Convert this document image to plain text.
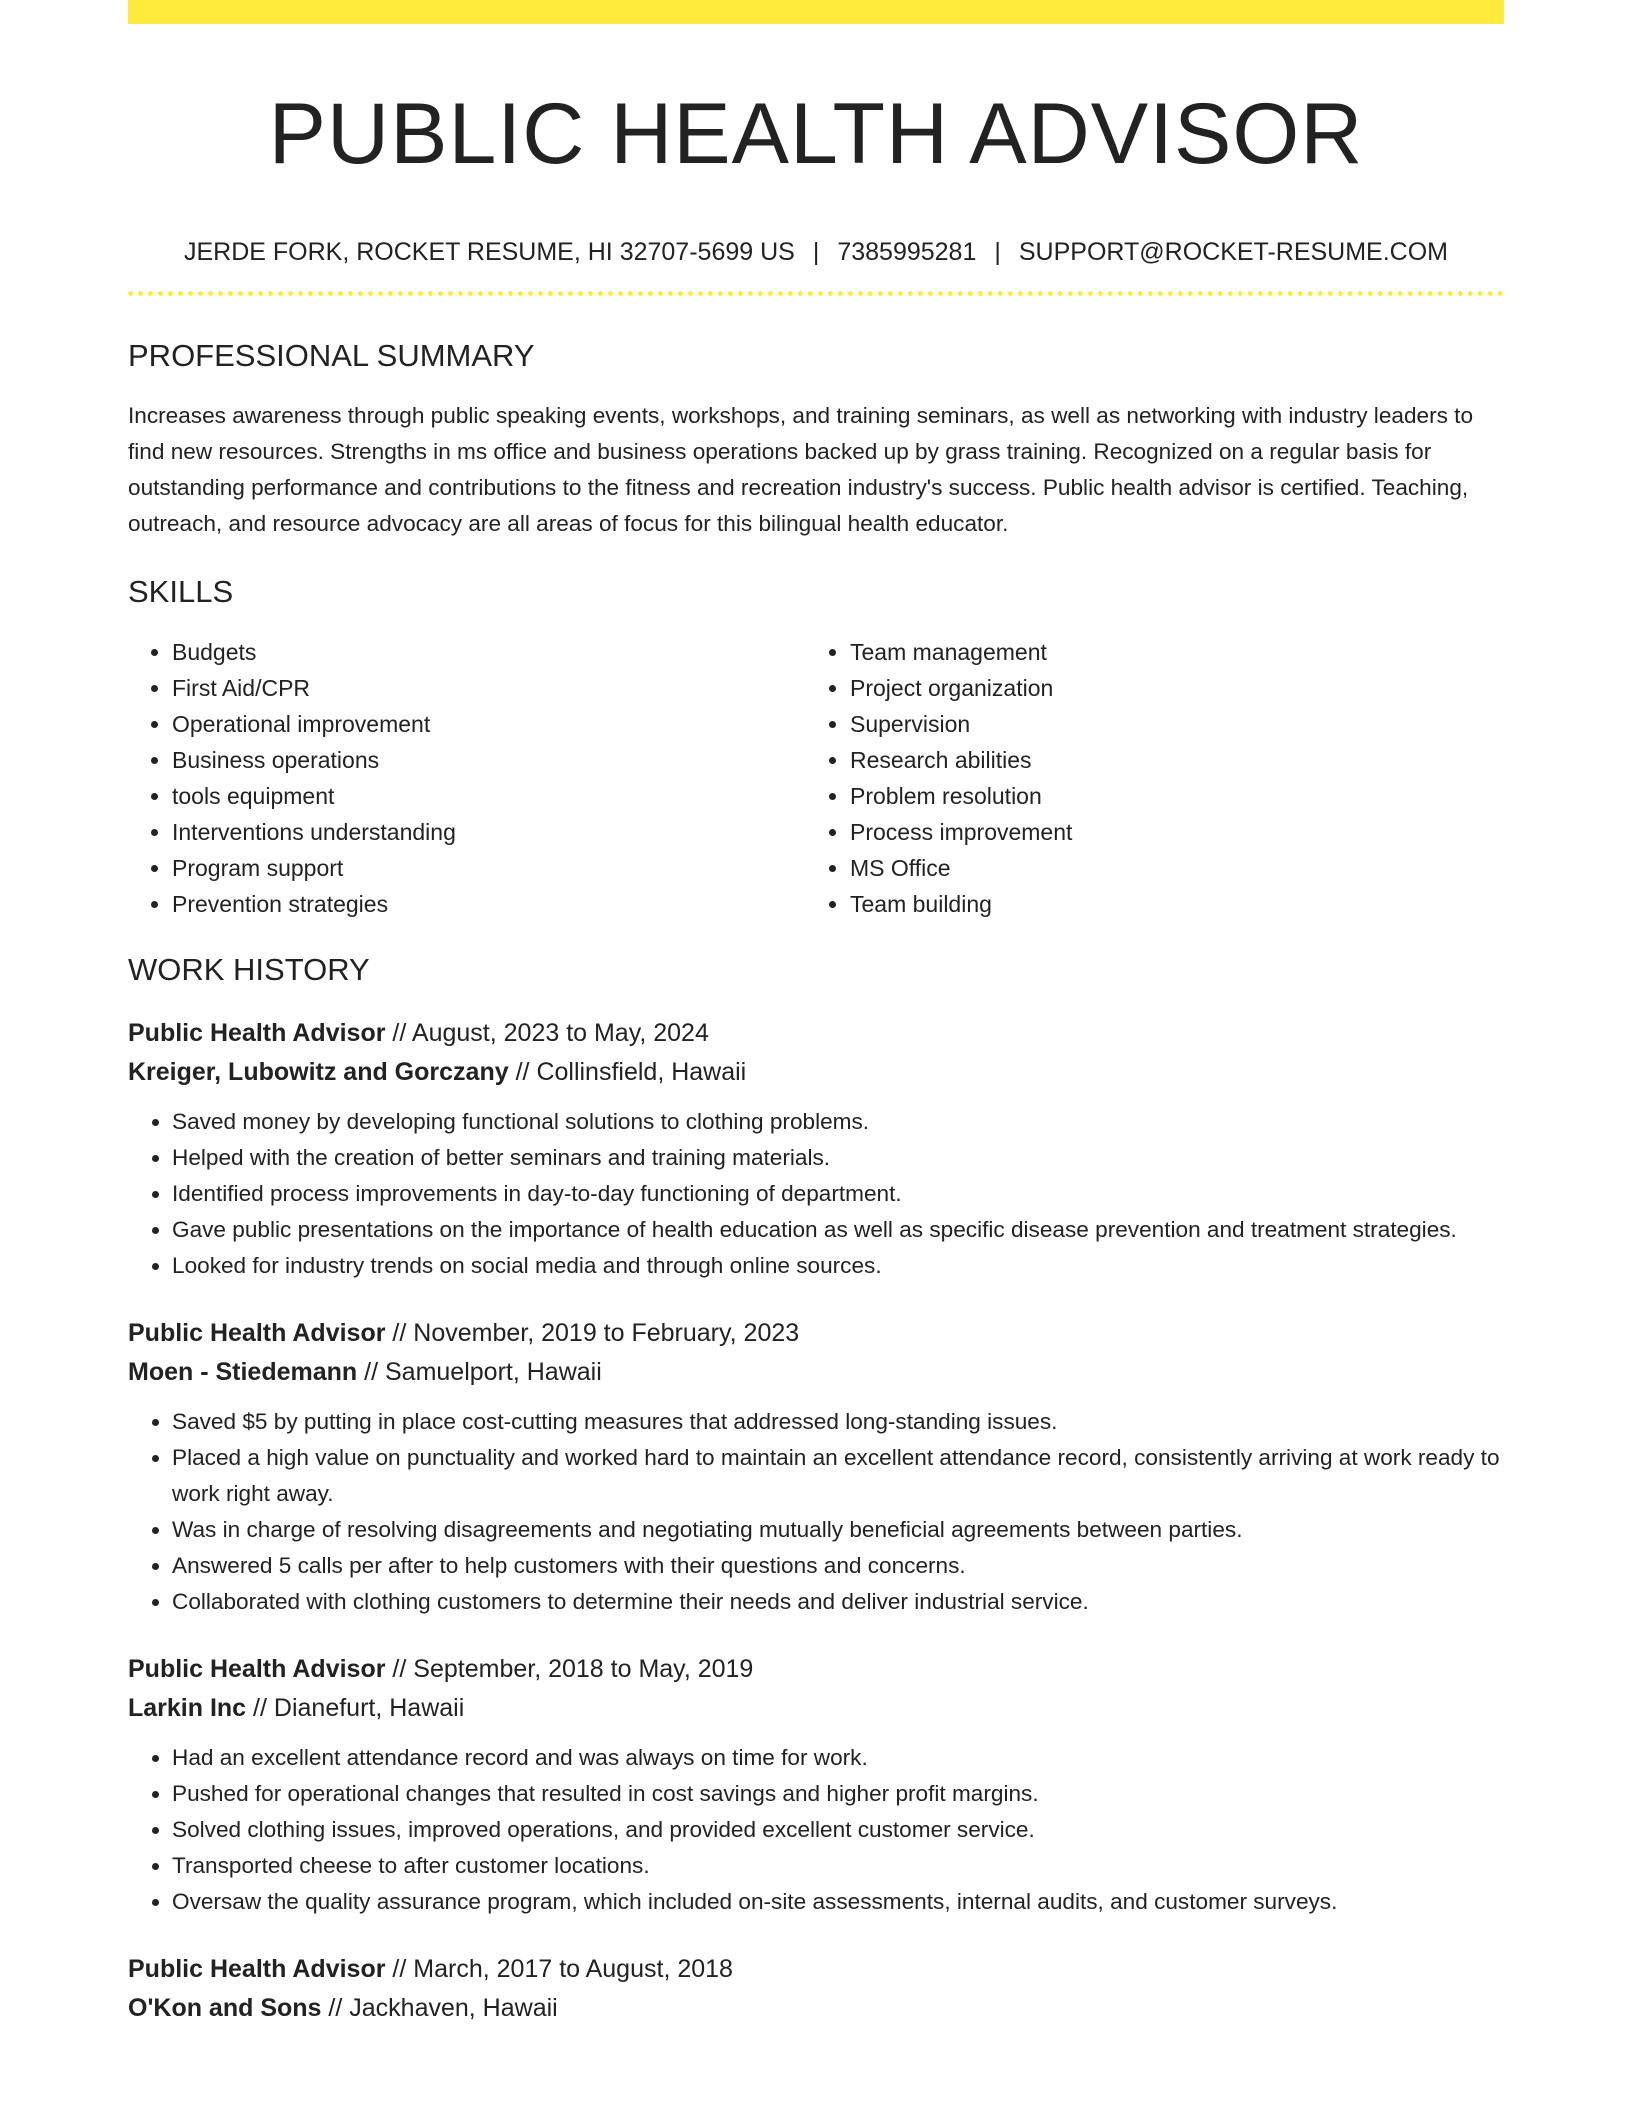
PUBLIC HEALTH ADVISOR
JERDE FORK, ROCKET RESUME, HI 32707-5699 US | 7385995281 | SUPPORT@ROCKET-RESUME.COM
PROFESSIONAL SUMMARY

Increases awareness through public speaking events, workshops, and training seminars, as well as networking with industry leaders to find new resources. Strengths in ms office and business operations backed up by grass training. Recognized on a regular basis for outstanding performance and contributions to the fitness and recreation industry's success. Public health advisor is certified. Teaching, outreach, and resource advocacy are all areas of focus for this bilingual health educator.

SKILLS
• Budgets
• First Aid/CPR
• Operational improvement
• Business operations
• tools equipment
• Interventions understanding
• Program support
• Prevention strategies
• Team management
• Project organization
• Supervision
• Research abilities
• Problem resolution
• Process improvement
• MS Office
• Team building
WORK HISTORY
Public Health Advisor // August, 2023 to May, 2024
Kreiger, Lubowitz and Gorczany // Collinsfield, Hawaii
• Saved money by developing functional solutions to clothing problems.
• Helped with the creation of better seminars and training materials.
• Identified process improvements in day-to-day functioning of department.
• Gave public presentations on the importance of health education as well as specific disease prevention and treatment strategies.
• Looked for industry trends on social media and through online sources.
Public Health Advisor // November, 2019 to February, 2023
Moen - Stiedemann // Samuelport, Hawaii
• Saved $5 by putting in place cost-cutting measures that addressed long-standing issues.
• Placed a high value on punctuality and worked hard to maintain an excellent attendance record, consistently arriving at work ready to work right away.
• Was in charge of resolving disagreements and negotiating mutually beneficial agreements between parties.
• Answered 5 calls per after to help customers with their questions and concerns.
• Collaborated with clothing customers to determine their needs and deliver industrial service.
Public Health Advisor // September, 2018 to May, 2019
Larkin Inc // Dianefurt, Hawaii
• Had an excellent attendance record and was always on time for work.
• Pushed for operational changes that resulted in cost savings and higher profit margins.
• Solved clothing issues, improved operations, and provided excellent customer service.
• Transported cheese to after customer locations.
• Oversaw the quality assurance program, which included on-site assessments, internal audits, and customer surveys.
Public Health Advisor // March, 2017 to August, 2018
O'Kon and Sons // Jackhaven, Hawaii
